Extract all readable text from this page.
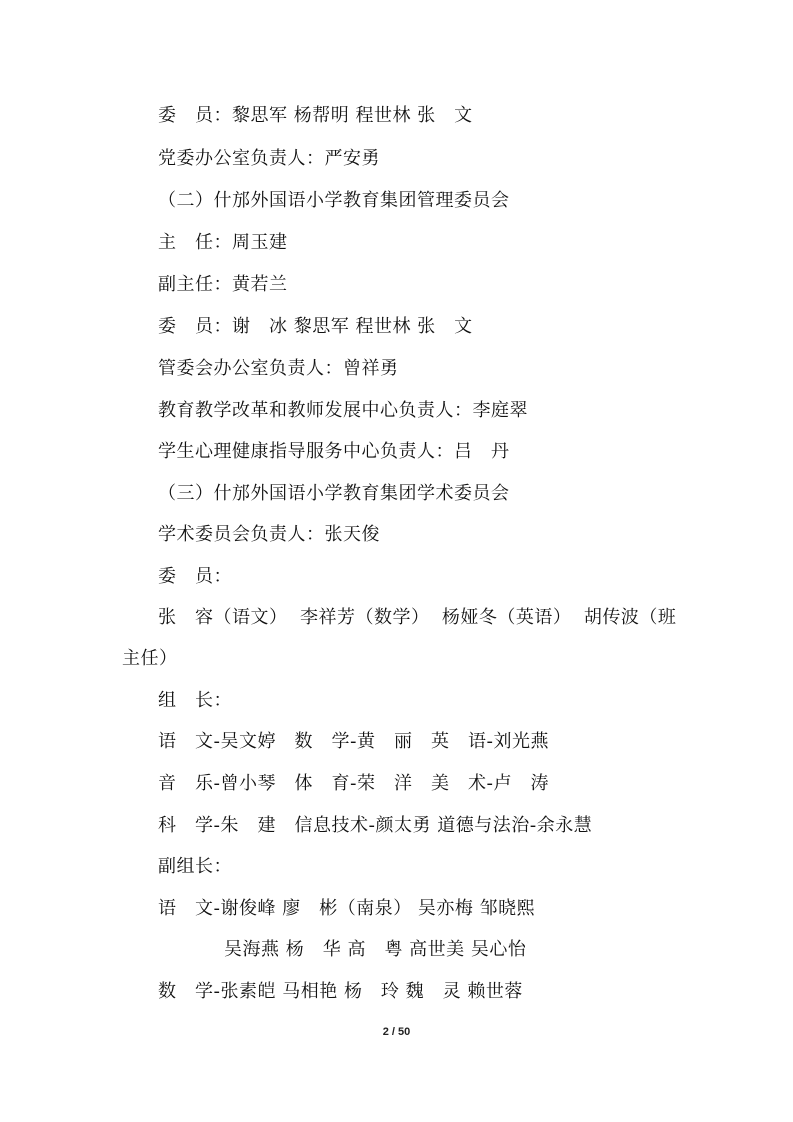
委　员：黎思军 杨帮明 程世林 张　文
党委办公室负责人：严安勇
（二）什邡外国语小学教育集团管理委员会
主　任：周玉建
副主任：黄若兰
委　员：谢　冰 黎思军 程世林 张　文
管委会办公室负责人：曾祥勇
教育教学改革和教师发展中心负责人：李庭翠
学生心理健康指导服务中心负责人：吕　丹
（三）什邡外国语小学教育集团学术委员会
学术委员会负责人：张天俊
委　员：
张　容（语文）  李祥芳（数学）  杨娅冬（英语）  胡传波（班
主任）
组　长：
语　文-吴文婷　数　学-黄　丽　英　语-刘光燕
音　乐-曾小琴　体　育-荣　洋　美　术-卢　涛
科　学-朱　建　信息技术-颜太勇 道德与法治-余永慧
副组长：
语　文-谢俊峰 廖　彬（南泉） 吴亦梅 邹晓熙
吴海燕 杨　华 高　粤 高世美 吴心怡
数　学-张素皑 马相艳 杨　玲 魏　灵 赖世蓉
2 / 50
